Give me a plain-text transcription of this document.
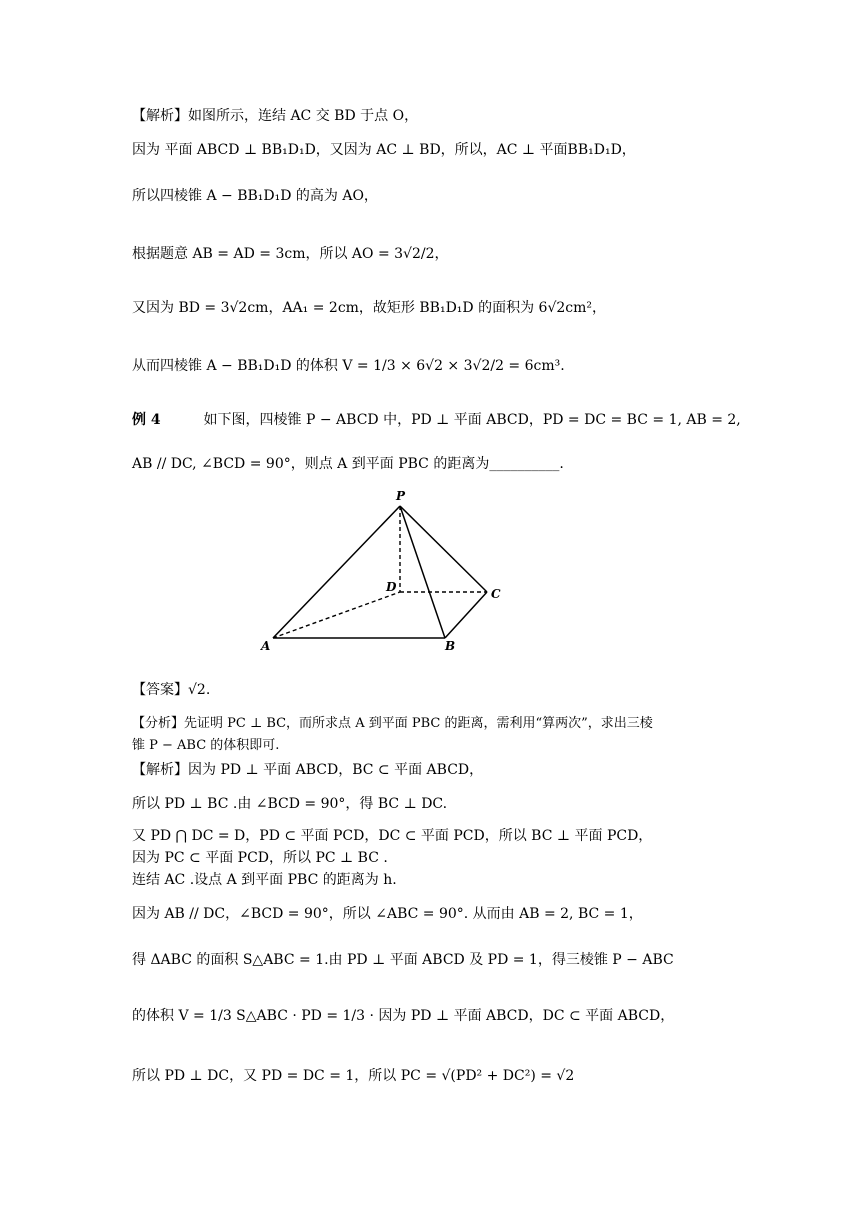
【解析】如图所示，连结 AC 交 BD 于点 O，
因为 平面 ABCD ⊥ BB₁D₁D，又因为 AC ⊥ BD，所以，AC ⊥ 平面BB₁D₁D，
所以四棱锥 A − BB₁D₁D 的高为 AO，
根据题意 AB = AD = 3cm，所以 AO = 3√2/2，
又因为 BD = 3√2cm，AA₁ = 2cm，故矩形 BB₁D₁D 的面积为 6√2cm²，
从而四棱锥 A − BB₁D₁D 的体积 V = 1/3 × 6√2 × 3√2/2 = 6cm³.
例 4	如下图，四棱锥 P − ABCD 中，PD ⊥ 平面 ABCD，PD = DC = BC = 1, AB = 2,
AB // DC, ∠BCD = 90°，则点 A 到平面 PBC 的距离为__________.
P
D	C
A	B
【答案】√2.
【分析】先证明 PC ⊥ BC，而所求点 A 到平面 PBC 的距离，需利用“算两次”，求出三棱
锥 P − ABC 的体积即可.
【解析】因为 PD ⊥ 平面 ABCD，BC ⊂ 平面 ABCD，
所以 PD ⊥ BC .由 ∠BCD = 90°，得 BC ⊥ DC.
又 PD ⋂ DC = D，PD ⊂ 平面 PCD，DC ⊂ 平面 PCD，所以 BC ⊥ 平面 PCD，
因为 PC ⊂ 平面 PCD，所以 PC ⊥ BC .
连结 AC .设点 A 到平面 PBC 的距离为 h.
因为 AB // DC，∠BCD = 90°，所以 ∠ABC = 90°. 从而由 AB = 2, BC = 1，
得 ΔABC 的面积 S△ABC = 1.由 PD ⊥ 平面 ABCD 及 PD = 1，得三棱锥 P − ABC
的体积 V = 1/3 S△ABC · PD = 1/3 · 因为 PD ⊥ 平面 ABCD，DC ⊂ 平面 ABCD，
所以 PD ⊥ DC，又 PD = DC = 1，所以 PC = √(PD² + DC²) = √2
